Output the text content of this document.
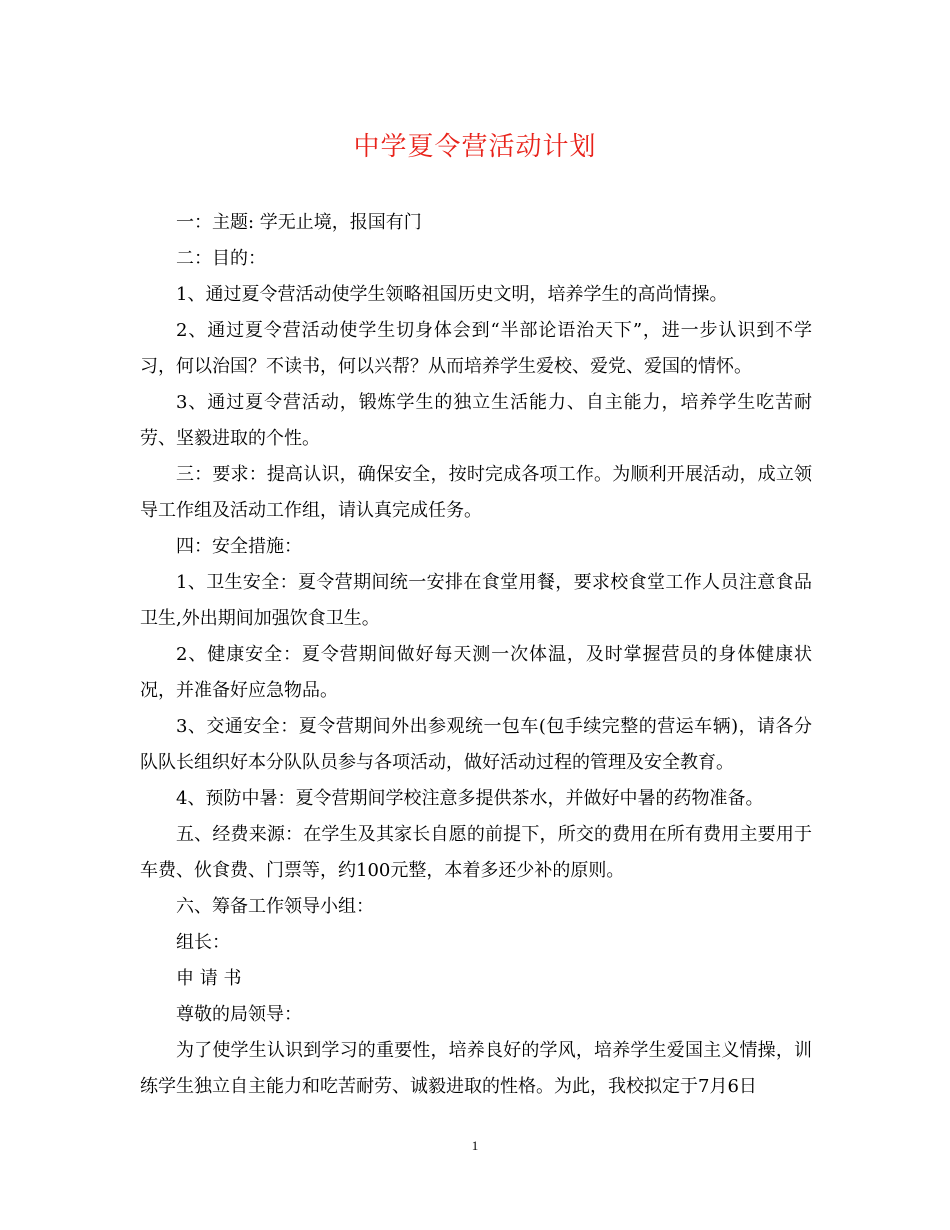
中学夏令营活动计划

一：主题: 学无止境，报国有门

二：目的：

1、通过夏令营活动使学生领略祖国历史文明，培养学生的高尚情操。

2、通过夏令营活动使学生切身体会到“半部论语治天下”，进一步认识到不学习，何以治国？不读书，何以兴帮？从而培养学生爱校、爱党、爱国的情怀。

3、通过夏令营活动，锻炼学生的独立生活能力、自主能力，培养学生吃苦耐劳、坚毅进取的个性。

三：要求：提高认识，确保安全，按时完成各项工作。为顺利开展活动，成立领导工作组及活动工作组，请认真完成任务。

四：安全措施：

1、卫生安全：夏令营期间统一安排在食堂用餐，要求校食堂工作人员注意食品卫生,外出期间加强饮食卫生。

2、健康安全：夏令营期间做好每天测一次体温，及时掌握营员的身体健康状况，并准备好应急物品。

3、交通安全：夏令营期间外出参观统一包车(包手续完整的营运车辆)，请各分队队长组织好本分队队员参与各项活动，做好活动过程的管理及安全教育。

4、预防中暑：夏令营期间学校注意多提供茶水，并做好中暑的药物准备。

五、经费来源：在学生及其家长自愿的前提下，所交的费用在所有费用主要用于车费、伙食费、门票等，约100元整，本着多还少补的原则。

六、筹备工作领导小组：

组长：

申 请 书

尊敬的局领导：

为了使学生认识到学习的重要性，培养良好的学风，培养学生爱国主义情操，训练学生独立自主能力和吃苦耐劳、诚毅进取的性格。为此，我校拟定于7月6日

1
